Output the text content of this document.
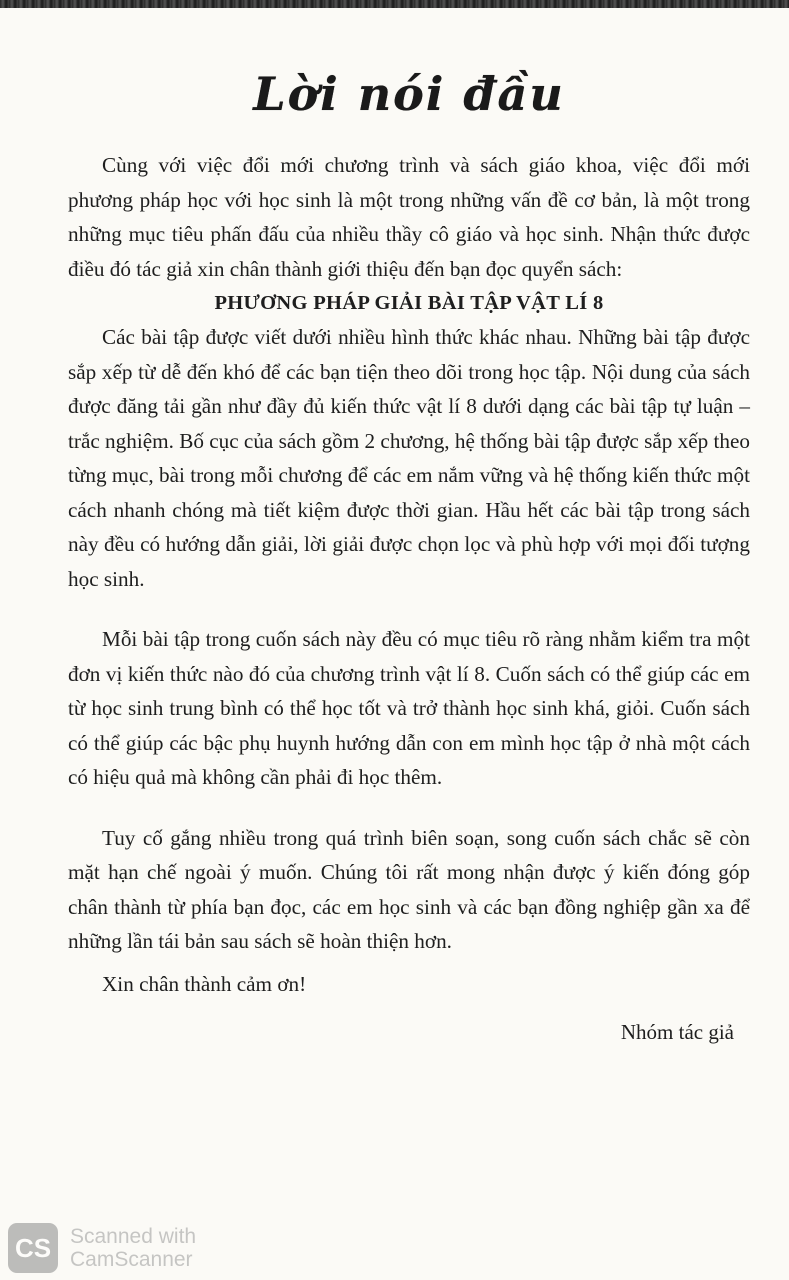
Lời nói đầu

Cùng với việc đổi mới chương trình và sách giáo khoa, việc đổi mới phương pháp học với học sinh là một trong những vấn đề cơ bản, là một trong những mục tiêu phấn đấu của nhiều thầy cô giáo và học sinh. Nhận thức được điều đó tác giả xin chân thành giới thiệu đến bạn đọc quyển sách:

PHƯƠNG PHÁP GIẢI BÀI TẬP VẬT LÍ 8

Các bài tập được viết dưới nhiều hình thức khác nhau. Những bài tập được sắp xếp từ dễ đến khó để các bạn tiện theo dõi trong học tập. Nội dung của sách được đăng tải gần như đầy đủ kiến thức vật lí 8 dưới dạng các bài tập tự luận – trắc nghiệm. Bố cục của sách gồm 2 chương, hệ thống bài tập được sắp xếp theo từng mục, bài trong mỗi chương để các em nắm vững và hệ thống kiến thức một cách nhanh chóng mà tiết kiệm được thời gian. Hầu hết các bài tập trong sách này đều có hướng dẫn giải, lời giải được chọn lọc và phù hợp với mọi đối tượng học sinh.

Mỗi bài tập trong cuốn sách này đều có mục tiêu rõ ràng nhằm kiểm tra một đơn vị kiến thức nào đó của chương trình vật lí 8. Cuốn sách có thể giúp các em từ học sinh trung bình có thể học tốt và trở thành học sinh khá, giỏi. Cuốn sách có thể giúp các bậc phụ huynh hướng dẫn con em mình học tập ở nhà một cách có hiệu quả mà không cần phải đi học thêm.

Tuy cố gắng nhiều trong quá trình biên soạn, song cuốn sách chắc sẽ còn mặt hạn chế ngoài ý muốn. Chúng tôi rất mong nhận được ý kiến đóng góp chân thành từ phía bạn đọc, các em học sinh và các bạn đồng nghiệp gần xa để những lần tái bản sau sách sẽ hoàn thiện hơn.

Xin chân thành cảm ơn!

Nhóm tác giả

CS Scanned with
CamScanner
